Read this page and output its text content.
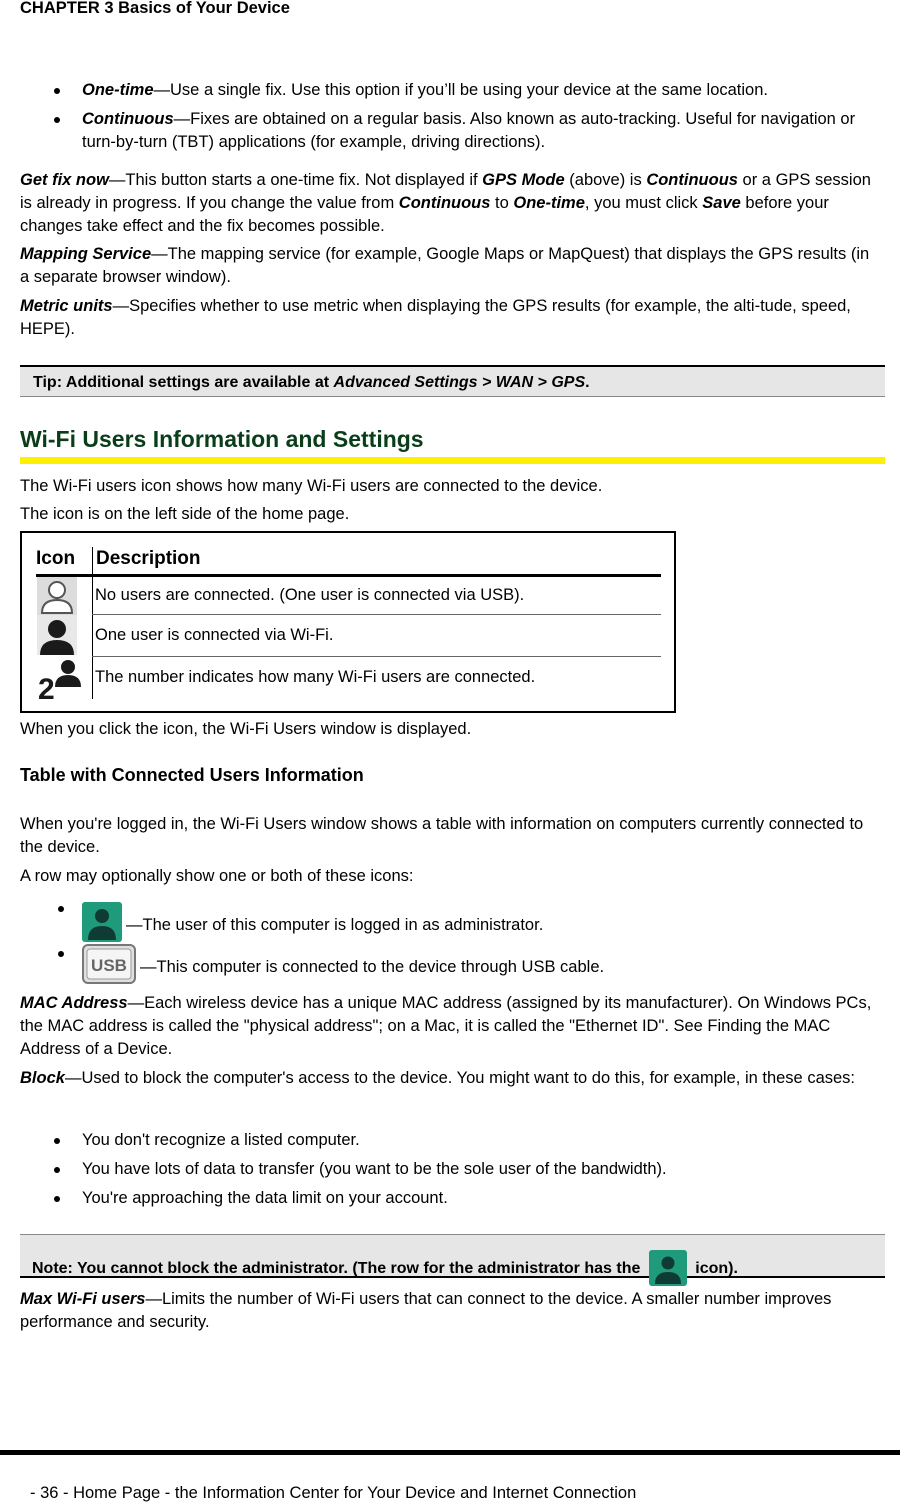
CHAPTER 3 Basics of Your Device
One-time—Use a single fix. Use this option if you’ll be using your device at the same location.
Continuous—Fixes are obtained on a regular basis. Also known as auto-tracking. Useful for navigation or turn-by-turn (TBT) applications (for example, driving directions).
Get fix now—This button starts a one-time fix. Not displayed if GPS Mode (above) is Continuous or a GPS session is already in progress. If you change the value from Continuous to One-time, you must click Save before your changes take effect and the fix becomes possible.
Mapping Service—The mapping service (for example, Google Maps or MapQuest) that displays the GPS results (in a separate browser window).
Metric units—Specifies whether to use metric when displaying the GPS results (for example, the alti-tude, speed, HEPE).
Tip: Additional settings are available at Advanced Settings > WAN > GPS.
Wi-Fi Users Information and Settings
The Wi-Fi users icon shows how many Wi-Fi users are connected to the device.
The icon is on the left side of the home page.
Icon Description
No users are connected. (One user is connected via USB).
One user is connected via Wi-Fi.
2 The number indicates how many Wi-Fi users are connected.
When you click the icon, the Wi-Fi Users window is displayed.
Table with Connected Users Information
When you're logged in, the Wi-Fi Users window shows a table with information on computers currently connected to the device.
A row may optionally show one or both of these icons:
—The user of this computer is logged in as administrator.
USB —This computer is connected to the device through USB cable.
MAC Address—Each wireless device has a unique MAC address (assigned by its manufacturer). On Windows PCs, the MAC address is called the "physical address"; on a Mac, it is called the "Ethernet ID". See Finding the MAC Address of a Device.
Block—Used to block the computer's access to the device. You might want to do this, for example, in these cases:
You don't recognize a listed computer.
You have lots of data to transfer (you want to be the sole user of the bandwidth).
You're approaching the data limit on your account.
Note: You cannot block the administrator. (The row for the administrator has the	icon).
Max Wi-Fi users—Limits the number of Wi-Fi users that can connect to the device. A smaller number improves performance and security.
- 36 - Home Page - the Information Center for Your Device and Internet Connection
